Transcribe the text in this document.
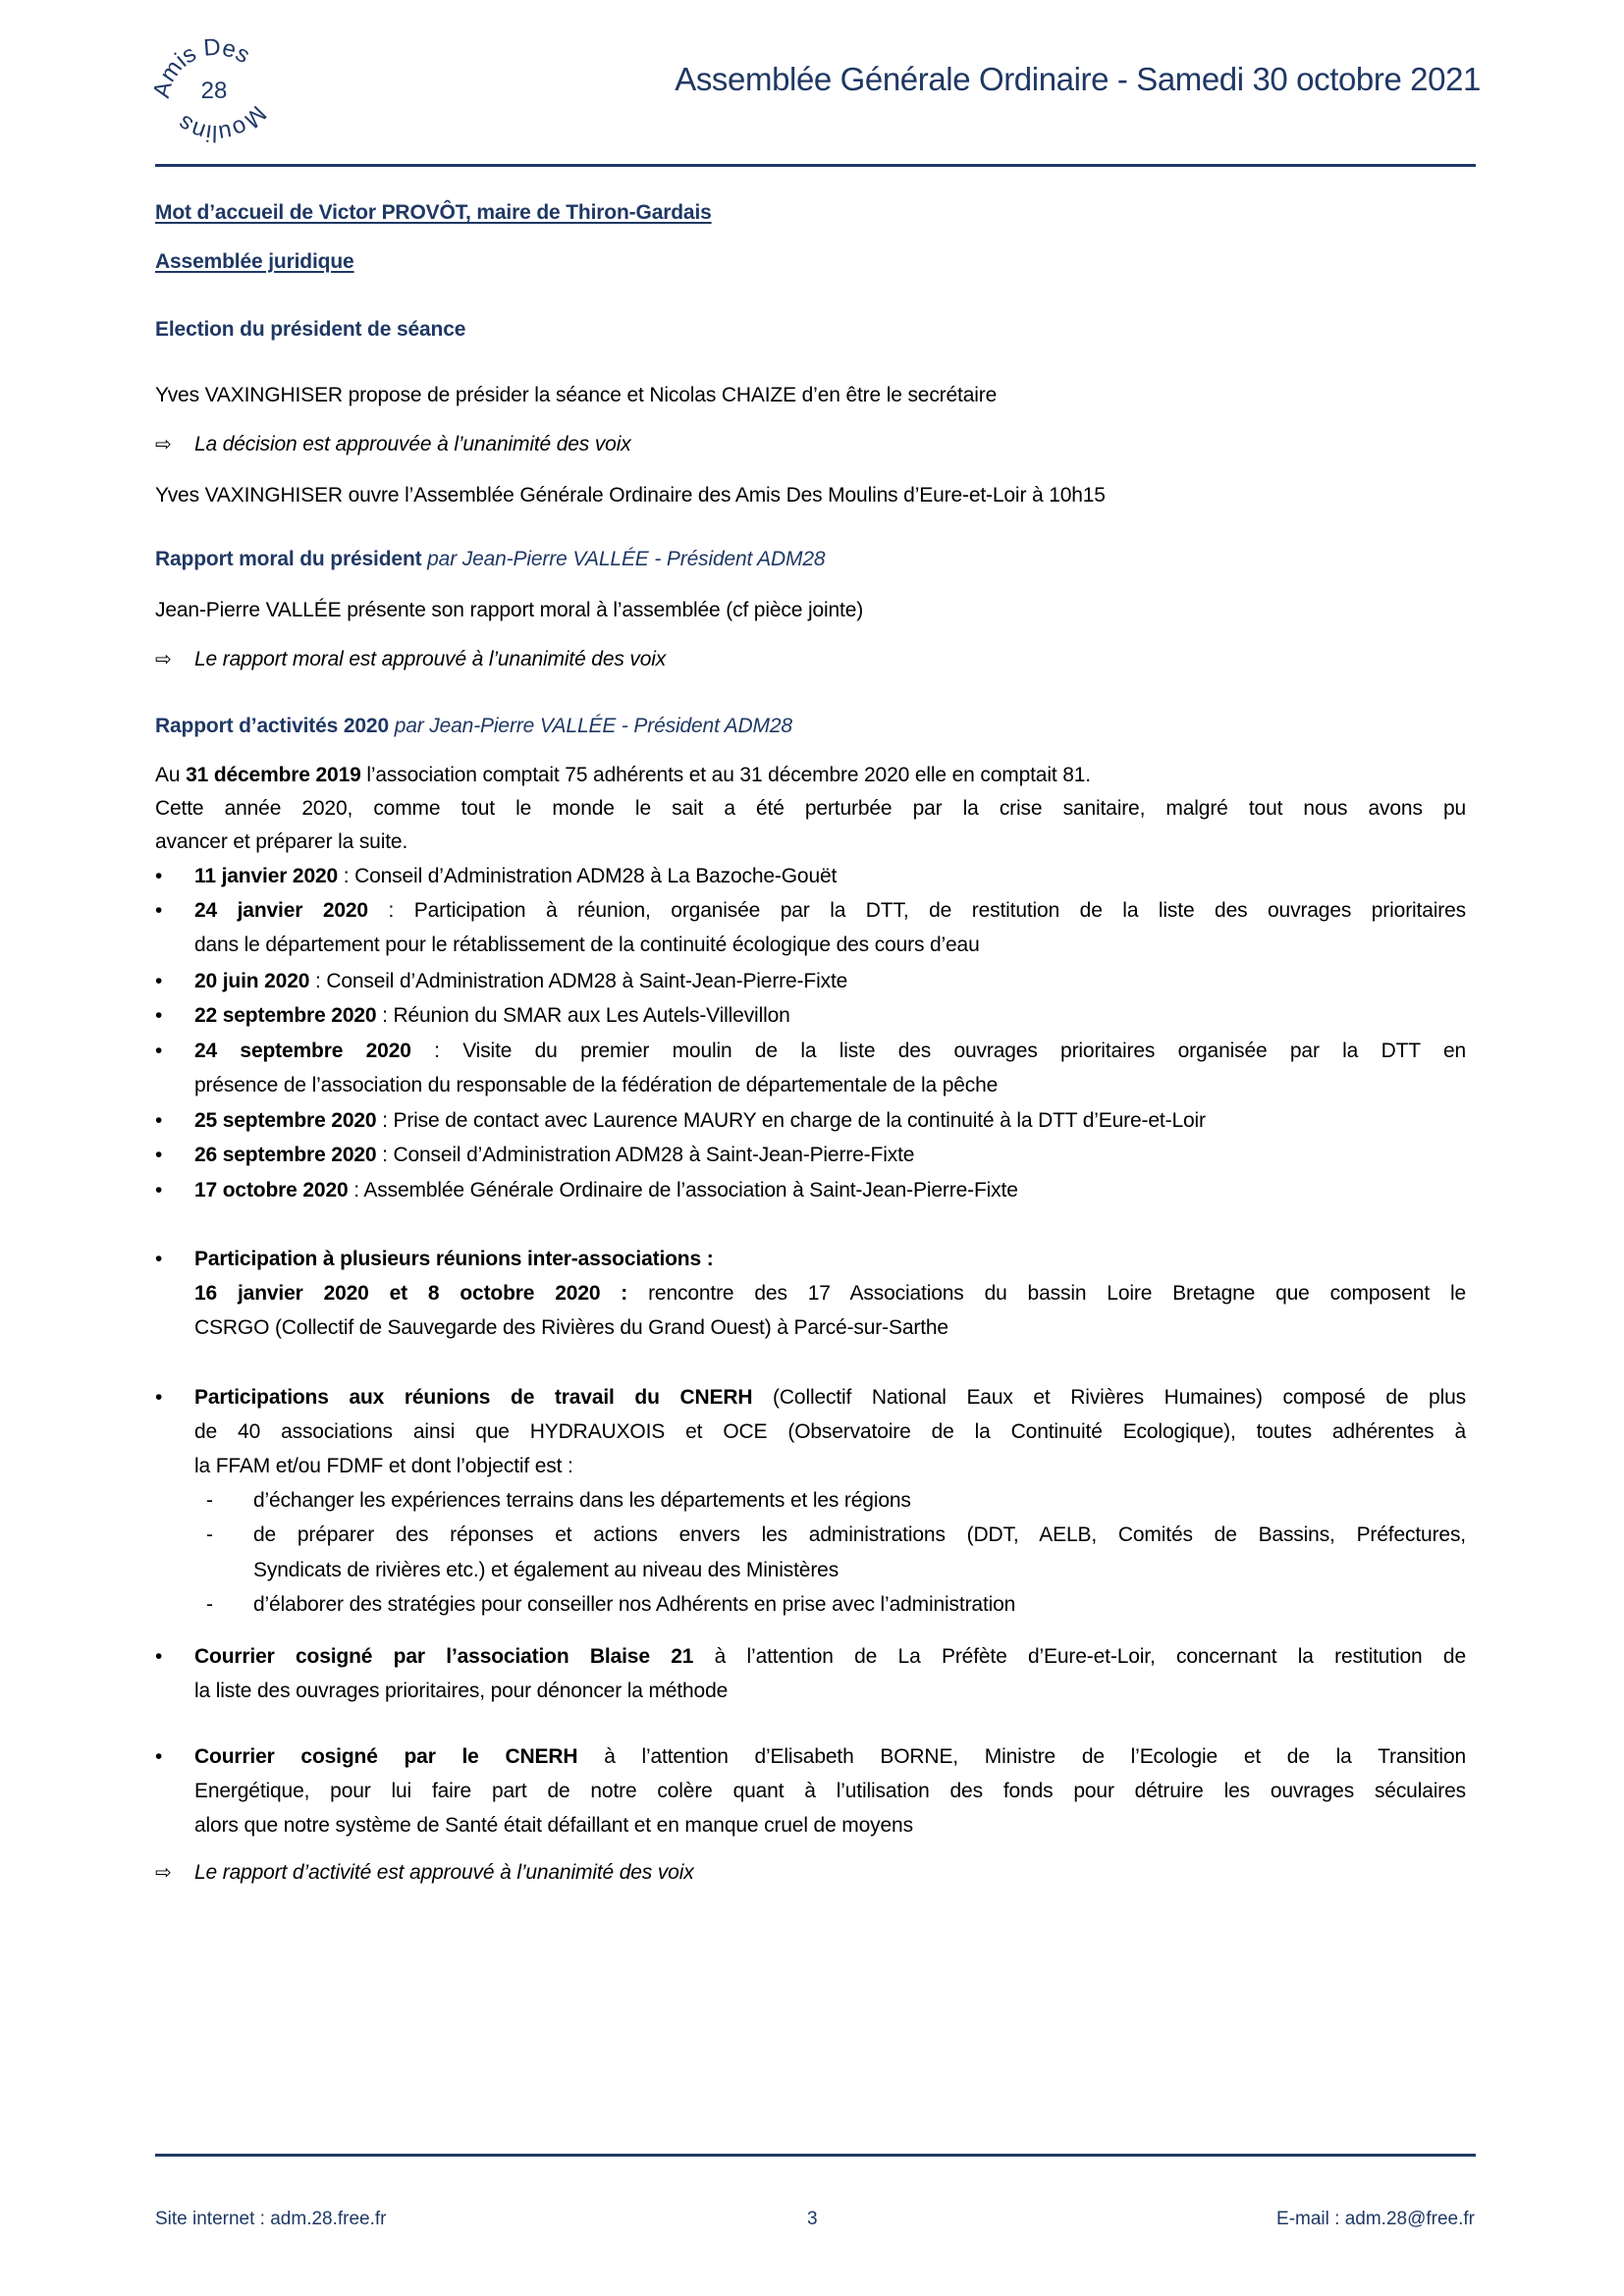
Amis Des
Moulins
28	Assemblée Générale Ordinaire - Samedi 30 octobre 2021
Mot d’accueil de Victor PROVÔT, maire de Thiron-Gardais
Assemblée juridique
Election du président de séance
Yves VAXINGHISER propose de présider la séance et Nicolas CHAIZE d’en être le secrétaire
⇨ La décision est approuvée à l’unanimité des voix
Yves VAXINGHISER ouvre l’Assemblée Générale Ordinaire des Amis Des Moulins d’Eure-et-Loir à 10h15
Rapport moral du président par Jean-Pierre VALLÉE - Président ADM28
Jean-Pierre VALLÉE présente son rapport moral à l’assemblée (cf pièce jointe)
⇨ Le rapport moral est approuvé à l’unanimité des voix
Rapport d’activités 2020 par Jean-Pierre VALLÉE - Président ADM28
Au 31 décembre 2019 l’association comptait 75 adhérents et au 31 décembre 2020 elle en comptait 81.
Cette année 2020, comme tout le monde le sait a été perturbée par la crise sanitaire, malgré tout nous avons pu
avancer et préparer la suite.
• 11 janvier 2020 : Conseil d’Administration ADM28 à La Bazoche-Gouët
• 24 janvier 2020 : Participation à réunion, organisée par la DTT, de restitution de la liste des ouvrages prioritaires
dans le département pour le rétablissement de la continuité écologique des cours d’eau
• 20 juin 2020 : Conseil d’Administration ADM28 à Saint-Jean-Pierre-Fixte
• 22 septembre 2020 : Réunion du SMAR aux Les Autels-Villevillon
• 24 septembre 2020 : Visite du premier moulin de la liste des ouvrages prioritaires organisée par la DTT en
présence de l’association du responsable de la fédération de départementale de la pêche
• 25 septembre 2020 : Prise de contact avec Laurence MAURY en charge de la continuité à la DTT d’Eure-et-Loir
• 26 septembre 2020 : Conseil d’Administration ADM28 à Saint-Jean-Pierre-Fixte
• 17 octobre 2020 : Assemblée Générale Ordinaire de l’association à Saint-Jean-Pierre-Fixte
• Participation à plusieurs réunions inter-associations :
16 janvier 2020 et 8 octobre 2020 : rencontre des 17 Associations du bassin Loire Bretagne que composent le
CSRGO (Collectif de Sauvegarde des Rivières du Grand Ouest) à Parcé-sur-Sarthe
• Participations aux réunions de travail du CNERH (Collectif National Eaux et Rivières Humaines) composé de plus
de 40 associations ainsi que HYDRAUXOIS et OCE (Observatoire de la Continuité Ecologique), toutes adhérentes à
la FFAM et/ou FDMF et dont l’objectif est :
- d’échanger les expériences terrains dans les départements et les régions
- de préparer des réponses et actions envers les administrations (DDT, AELB, Comités de Bassins, Préfectures,
Syndicats de rivières etc.) et également au niveau des Ministères
- d’élaborer des stratégies pour conseiller nos Adhérents en prise avec l’administration
• Courrier cosigné par l’association Blaise 21 à l’attention de La Préfète d’Eure-et-Loir, concernant la restitution de
la liste des ouvrages prioritaires, pour dénoncer la méthode
• Courrier cosigné par le CNERH à l’attention d’Elisabeth BORNE, Ministre de l’Ecologie et de la Transition
Energétique, pour lui faire part de notre colère quant à l’utilisation des fonds pour détruire les ouvrages séculaires
alors que notre système de Santé était défaillant et en manque cruel de moyens
⇨ Le rapport d’activité est approuvé à l’unanimité des voix
Site internet : adm.28.free.fr	3	E-mail : adm.28@free.fr
